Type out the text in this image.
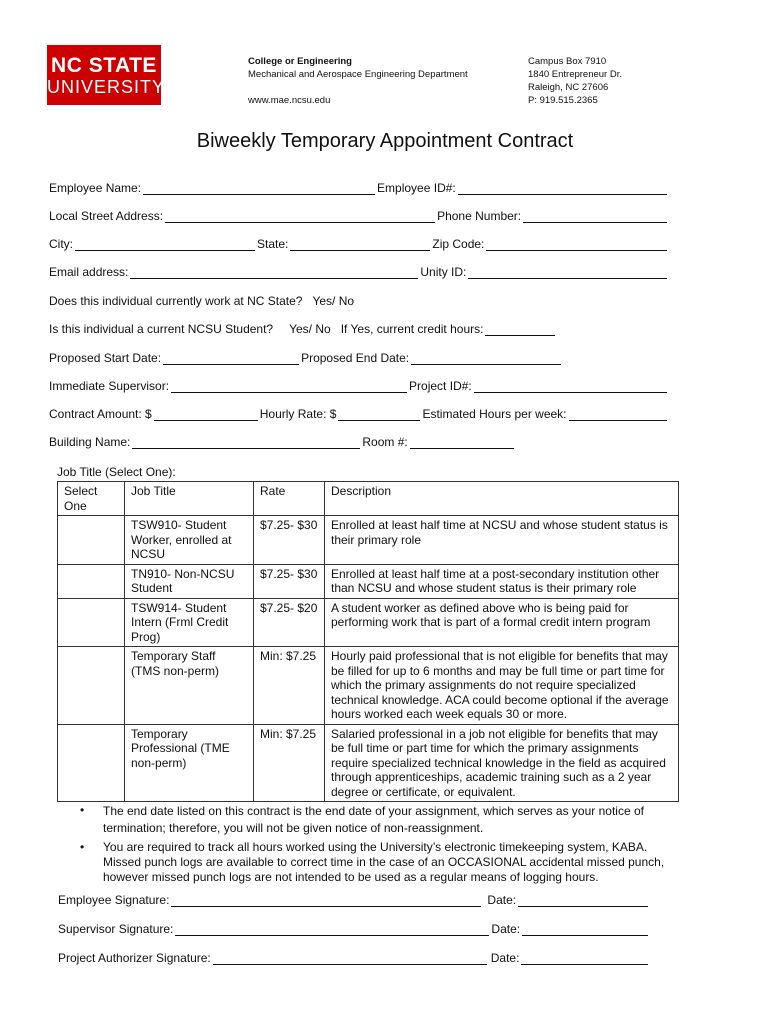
NC STATE
UNIVERSITY
College or Engineering
Mechanical and Aerospace Engineering Department
www.mae.ncsu.edu
Campus Box 7910
1840 Entrepreneur Dr.
Raleigh, NC 27606
P: 919.515.2365
Biweekly Temporary Appointment Contract
Employee Name:	Employee ID#:
Local Street Address:	Phone Number:
City:	State:	Zip Code:
Email address:	Unity ID:
Does this individual currently work at NC State? Yes/ No
Is this individual a current NCSU Student? Yes/ No If Yes, current credit hours:
Proposed Start Date:	Proposed End Date:
Immediate Supervisor:	Project ID#:
Contract Amount: $	Hourly Rate: $	Estimated Hours per week:
Building Name:	Room #:
Job Title (Select One):
Select One	Job Title	Rate	Description
	TSW910- Student Worker, enrolled at NCSU	$7.25- $30	Enrolled at least half time at NCSU and whose student status is their primary role
	TN910- Non-NCSU Student	$7.25- $30	Enrolled at least half time at a post-secondary institution other than NCSU and whose student status is their primary role
	TSW914- Student Intern (Frml Credit Prog)	$7.25- $20	A student worker as defined above who is being paid for performing work that is part of a formal credit intern program
	Temporary Staff (TMS non-perm)	Min: $7.25	Hourly paid professional that is not eligible for benefits that may be filled for up to 6 months and may be full time or part time for which the primary assignments do not require specialized technical knowledge. ACA could become optional if the average hours worked each week equals 30 or more.
	Temporary Professional (TME non-perm)	Min: $7.25	Salaried professional in a job not eligible for benefits that may be full time or part time for which the primary assignments require specialized technical knowledge in the field as acquired through apprenticeships, academic training such as a 2 year degree or certificate, or equivalent.
•	The end date listed on this contract is the end date of your assignment, which serves as your notice of termination; therefore, you will not be given notice of non-reassignment.
•	You are required to track all hours worked using the University’s electronic timekeeping system, KABA. Missed punch logs are available to correct time in the case of an OCCASIONAL accidental missed punch, however missed punch logs are not intended to be used as a regular means of logging hours.
Employee Signature:	Date:
Supervisor Signature:	Date:
Project Authorizer Signature:	Date:
